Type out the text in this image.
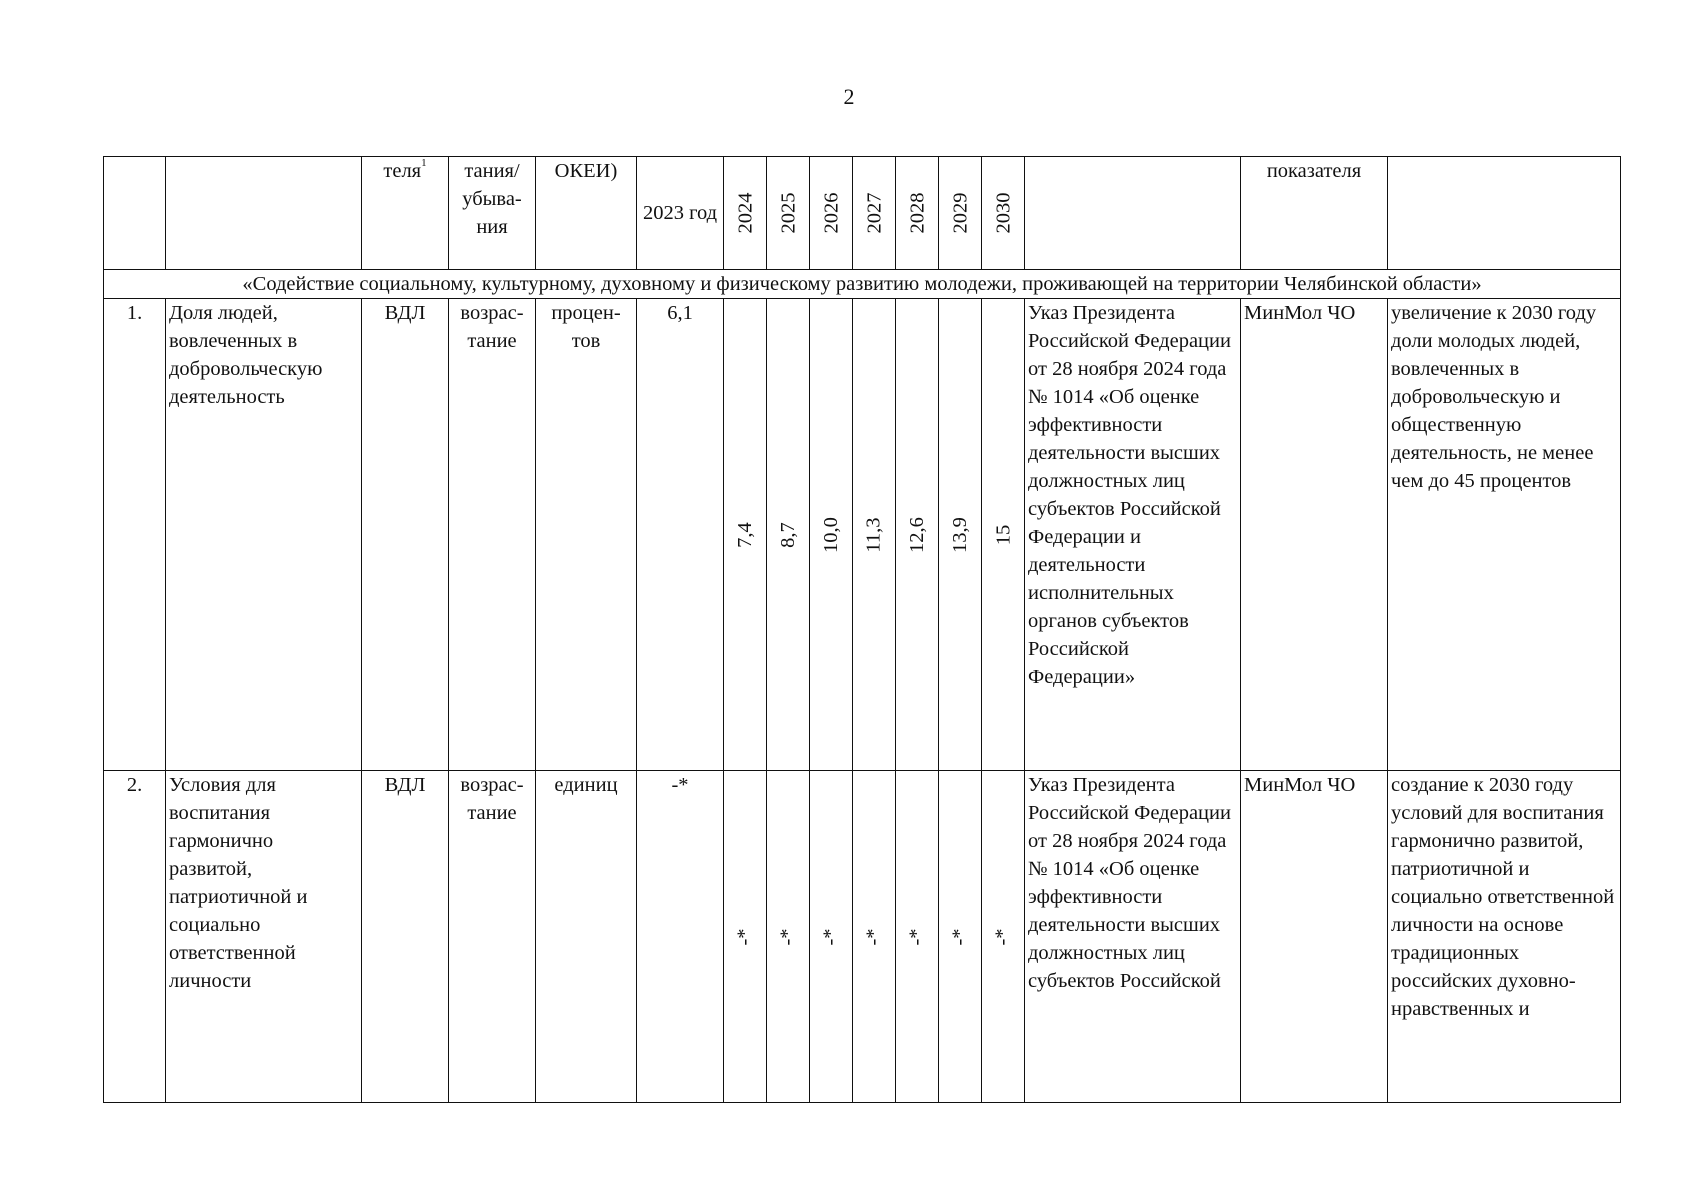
2
		теля$^1$	тания/ убыва-ния	ОКЕИ)	2023 год	2024	2025	2026	2027	2028	2029	2030		показателя	
«Содействие социальному, культурному, духовному и физическому развитию молодежи, проживающей на территории Челябинской области»															
1.	Доля людей, вовлеченных в добровольческую деятельность	ВДЛ	возрас-тание	процен-тов	6,1	7,4	8,7	10,0	11,3	12,6	13,9	15	Указ Президента Российской Федерации от 28 ноября 2024 года № 1014 «Об оценке эффективности деятельности высших должностных лиц субъектов Российской Федерации и деятельности исполнительных органов субъектов Российской Федерации»	МинМол ЧО	увеличение к 2030 году доли молодых людей, вовлеченных в добровольческую и общественную деятельность, не менее чем до 45 процентов
2.	Условия для воспитания гармонично развитой, патриотичной и социально ответственной личности	ВДЛ	возрас-тание	единиц	-*	-*	-*	-*	-*	-*	-*	-*	Указ Президента Российской Федерации от 28 ноября 2024 года № 1014 «Об оценке эффективности деятельности высших должностных лиц субъектов Российской	МинМол ЧО	создание к 2030 году условий для воспитания гармонично развитой, патриотичной и социально ответственной личности на основе традиционных российских духовно-нравственных и
